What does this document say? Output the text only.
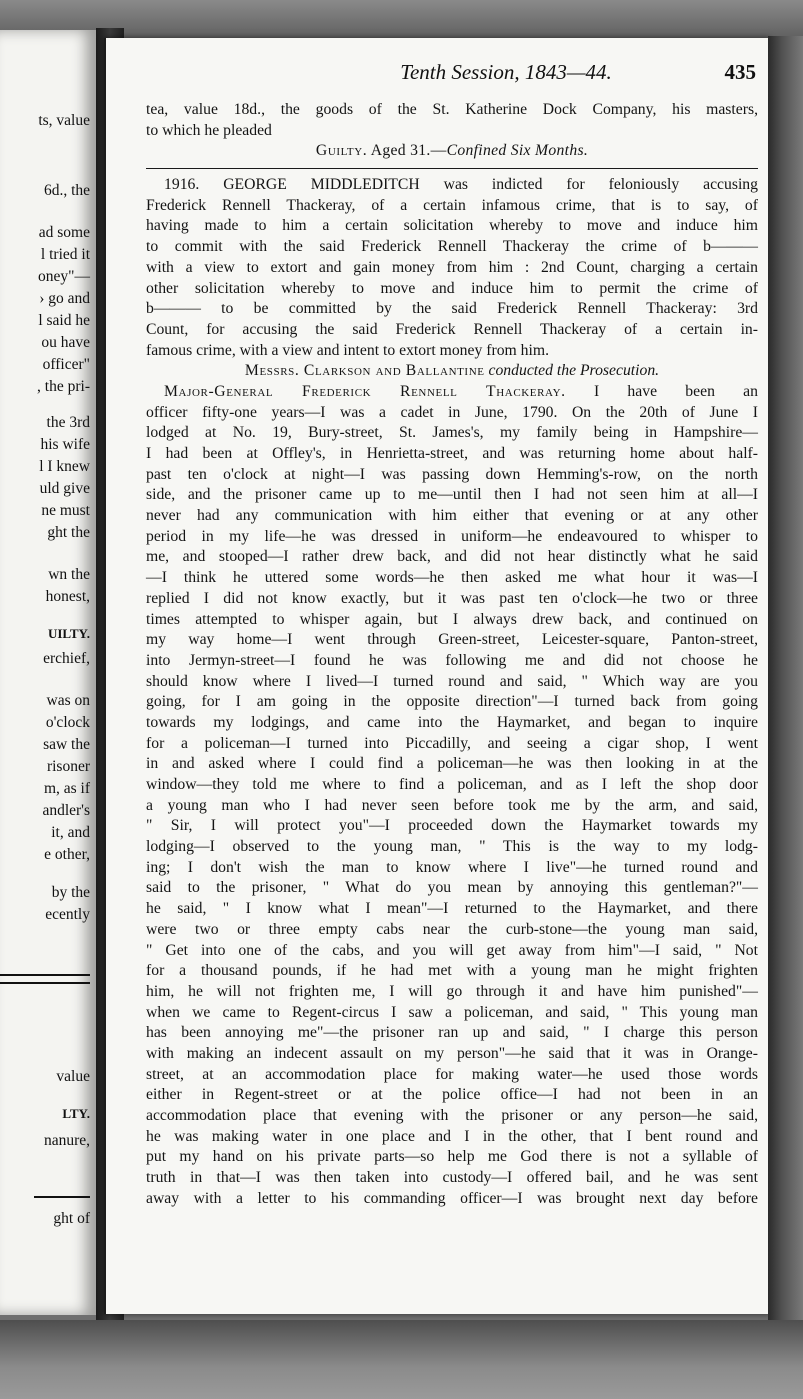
ts, value

6d., the

ad some

l tried it

oney"—

› go and

l said he

ou have

officer"

, the pri-

the 3rd

his wife

l I knew

uld give

ne must

ght the

wn the

honest,

UILTY.

erchief,

was on

o'clock

saw the

risoner

m, as if

andler's

it, and

e other,

by the

ecently

value

LTY.

nanure,

ght of

Tenth Session, 1843—44.	435

tea, value 18d., the goods of the St. Katherine Dock Company, his masters,
to which he pleaded

Guilty. Aged 31.—Confined Six Months.

1916. GEORGE MIDDLEDITCH was indicted for feloniously accusing
Frederick Rennell Thackeray, of a certain infamous crime, that is to say, of
having made to him a certain solicitation whereby to move and induce him
to commit with the said Frederick Rennell Thackeray the crime of b———
with a view to extort and gain money from him : 2nd Count, charging a certain
other solicitation whereby to move and induce him to permit the crime of
b——— to be committed by the said Frederick Rennell Thackeray: 3rd
Count, for accusing the said Frederick Rennell Thackeray of a certain in-
famous crime, with a view and intent to extort money from him.

Messrs. Clarkson and Ballantine conducted the Prosecution.

Major-General Frederick Rennell Thackeray. I have been an
officer fifty-one years—I was a cadet in June, 1790. On the 20th of June I
lodged at No. 19, Bury-street, St. James's, my family being in Hampshire—
I had been at Offley's, in Henrietta-street, and was returning home about half-
past ten o'clock at night—I was passing down Hemming's-row, on the north
side, and the prisoner came up to me—until then I had not seen him at all—I
never had any communication with him either that evening or at any other
period in my life—he was dressed in uniform—he endeavoured to whisper to
me, and stooped—I rather drew back, and did not hear distinctly what he said
—I think he uttered some words—he then asked me what hour it was—I
replied I did not know exactly, but it was past ten o'clock—he two or three
times attempted to whisper again, but I always drew back, and continued on
my way home—I went through Green-street, Leicester-square, Panton-street,
into Jermyn-street—I found he was following me and did not choose he
should know where I lived—I turned round and said, " Which way are you
going, for I am going in the opposite direction"—I turned back from going
towards my lodgings, and came into the Haymarket, and began to inquire
for a policeman—I turned into Piccadilly, and seeing a cigar shop, I went
in and asked where I could find a policeman—he was then looking in at the
window—they told me where to find a policeman, and as I left the shop door
a young man who I had never seen before took me by the arm, and said,
" Sir, I will protect you"—I proceeded down the Haymarket towards my
lodging—I observed to the young man, " This is the way to my lodg-
ing; I don't wish the man to know where I live"—he turned round and
said to the prisoner, " What do you mean by annoying this gentleman?"—
he said, " I know what I mean"—I returned to the Haymarket, and there
were two or three empty cabs near the curb-stone—the young man said,
" Get into one of the cabs, and you will get away from him"—I said, " Not
for a thousand pounds, if he had met with a young man he might frighten
him, he will not frighten me, I will go through it and have him punished"—
when we came to Regent-circus I saw a policeman, and said, " This young man
has been annoying me"—the prisoner ran up and said, " I charge this person
with making an indecent assault on my person"—he said that it was in Orange-
street, at an accommodation place for making water—he used those words
either in Regent-street or at the police office—I had not been in an
accommodation place that evening with the prisoner or any person—he said,
he was making water in one place and I in the other, that I bent round and
put my hand on his private parts—so help me God there is not a syllable of
truth in that—I was then taken into custody—I offered bail, and he was sent
away with a letter to his commanding officer—I was brought next day before
